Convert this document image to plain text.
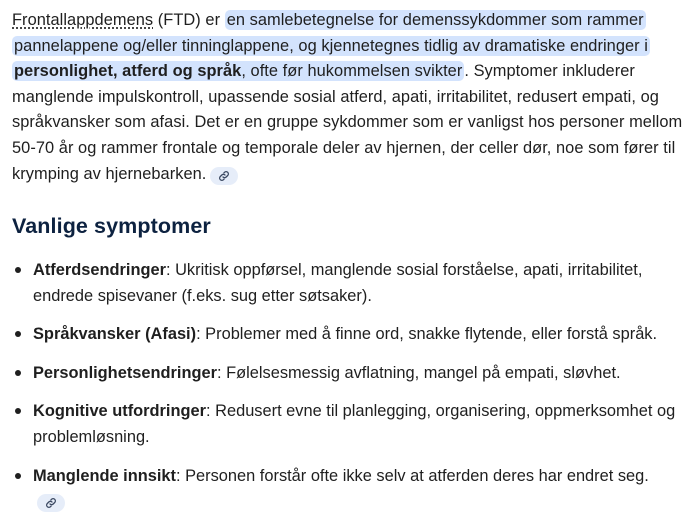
Frontallappdemens (FTD) er en samlebetegnelse for demenssykdommer som rammer pannelappene og/eller tinninglappene, og kjennetegnes tidlig av dramatiske endringer i personlighet, atferd og språk, ofte før hukommelsen svikter . Symptomer inkluderer manglende impulskontroll, upassende sosial atferd, apati, irritabilitet, redusert empati, og språkvansker som afasi. Det er en gruppe sykdommer som er vanligst hos personer mellom 50-70 år og rammer frontale og temporale deler av hjernen, der celler dør, noe som fører til krymping av hjernebarken.

Vanlige symptomer
Atferdsendringer: Ukritisk oppførsel, manglende sosial forståelse, apati, irritabilitet, endrede spisevaner (f.eks. sug etter søtsaker).
Språkvansker (Afasi): Problemer med å finne ord, snakke flytende, eller forstå språk.
Personlighetsendringer: Følelsesmessig avflatning, mangel på empati, sløvhet.
Kognitive utfordringer: Redusert evne til planlegging, organisering, oppmerksomhet og problemløsning.
Manglende innsikt: Personen forstår ofte ikke selv at atferden deres har endret seg.
